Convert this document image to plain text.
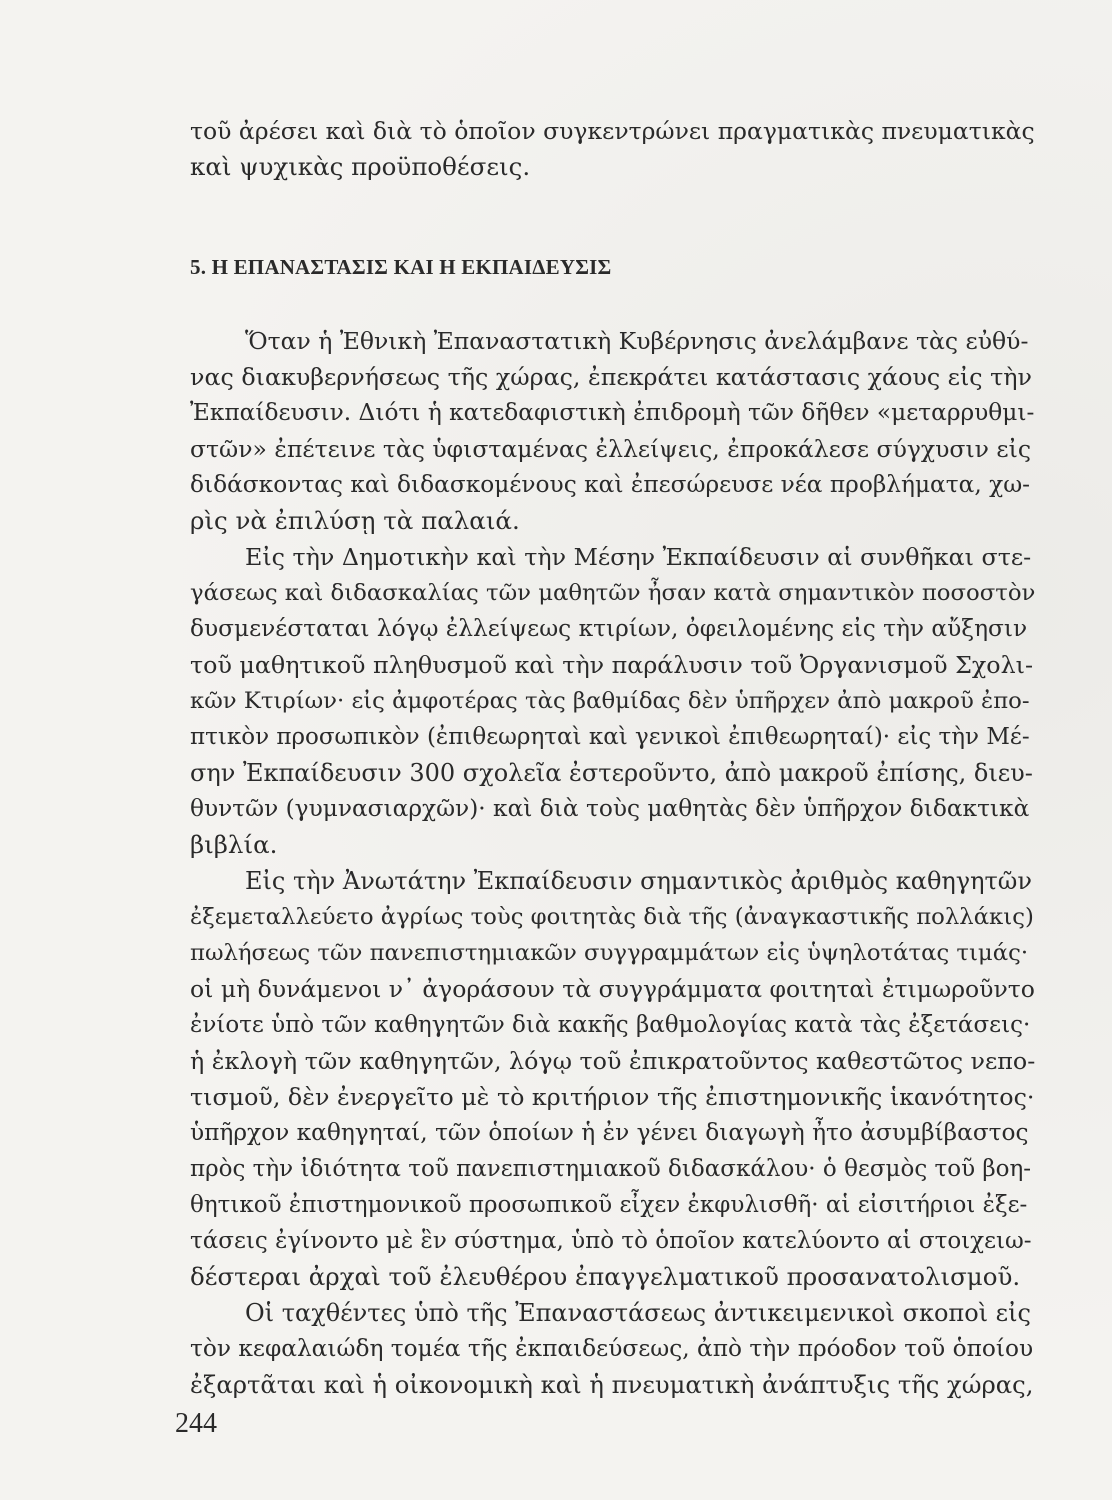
τοῦ ἀρέσει καὶ διὰ τὸ ὁποῖον συγκεντρώνει πραγματικὰς πνευματικὰς
καὶ ψυχικὰς προϋποθέσεις.
5. Η ΕΠΑΝΑΣΤΑΣΙΣ ΚΑΙ Η ΕΚΠΑΙΔΕΥΣΙΣ
Ὅταν ἡ Ἐθνικὴ Ἐπαναστατικὴ Κυβέρνησις ἀνελάμβανε τὰς εὐθύ-
νας διακυβερνήσεως τῆς χώρας, ἐπεκράτει κατάστασις χάους εἰς τὴν
Ἐκπαίδευσιν. Διότι ἡ κατεδαφιστικὴ ἐπιδρομὴ τῶν δῆθεν «μεταρρυθμι-
στῶν» ἐπέτεινε τὰς ὑφισταμένας ἐλλείψεις, ἐπροκάλεσε σύγχυσιν εἰς
διδάσκοντας καὶ διδασκομένους καὶ ἐπεσώρευσε νέα προβλήματα, χω-
ρὶς νὰ ἐπιλύσῃ τὰ παλαιά.
Εἰς τὴν Δημοτικὴν καὶ τὴν Μέσην Ἐκπαίδευσιν αἱ συνθῆκαι στε-
γάσεως καὶ διδασκαλίας τῶν μαθητῶν ἦσαν κατὰ σημαντικὸν ποσοστὸν
δυσμενέσταται λόγῳ ἐλλείψεως κτιρίων, ὀφειλομένης εἰς τὴν αὔξησιν
τοῦ μαθητικοῦ πληθυσμοῦ καὶ τὴν παράλυσιν τοῦ Ὀργανισμοῦ Σχολι-
κῶν Κτιρίων· εἰς ἀμφοτέρας τὰς βαθμίδας δὲν ὑπῆρχεν ἀπὸ μακροῦ ἐπο-
πτικὸν προσωπικὸν (ἐπιθεωρηταὶ καὶ γενικοὶ ἐπιθεωρηταί)· εἰς τὴν Μέ-
σην Ἐκπαίδευσιν 300 σχολεῖα ἐστεροῦντο, ἀπὸ μακροῦ ἐπίσης, διευ-
θυντῶν (γυμνασιαρχῶν)· καὶ διὰ τοὺς μαθητὰς δὲν ὑπῆρχον διδακτικὰ
βιβλία.
Εἰς τὴν Ἀνωτάτην Ἐκπαίδευσιν σημαντικὸς ἀριθμὸς καθηγητῶν
ἐξεμεταλλεύετο ἀγρίως τοὺς φοιτητὰς διὰ τῆς (ἀναγκαστικῆς πολλάκις)
πωλήσεως τῶν πανεπιστημιακῶν συγγραμμάτων εἰς ὑψηλοτάτας τιμάς·
οἱ μὴ δυνάμενοι ν᾽ ἀγοράσουν τὰ συγγράμματα φοιτηταὶ ἐτιμωροῦντο
ἐνίοτε ὑπὸ τῶν καθηγητῶν διὰ κακῆς βαθμολογίας κατὰ τὰς ἐξετάσεις·
ἡ ἐκλογὴ τῶν καθηγητῶν, λόγῳ τοῦ ἐπικρατοῦντος καθεστῶτος νεπο-
τισμοῦ, δὲν ἐνεργεῖτο μὲ τὸ κριτήριον τῆς ἐπιστημονικῆς ἱκανότητος·
ὑπῆρχον καθηγηταί, τῶν ὁποίων ἡ ἐν γένει διαγωγὴ ἦτο ἀσυμβίβαστος
πρὸς τὴν ἰδιότητα τοῦ πανεπιστημιακοῦ διδασκάλου· ὁ θεσμὸς τοῦ βοη-
θητικοῦ ἐπιστημονικοῦ προσωπικοῦ εἶχεν ἐκφυλισθῆ· αἱ εἰσιτήριοι ἐξε-
τάσεις ἐγίνοντο μὲ ἓν σύστημα, ὑπὸ τὸ ὁποῖον κατελύοντο αἱ στοιχειω-
δέστεραι ἀρχαὶ τοῦ ἐλευθέρου ἐπαγγελματικοῦ προσανατολισμοῦ.
Οἱ ταχθέντες ὑπὸ τῆς Ἐπαναστάσεως ἀντικειμενικοὶ σκοποὶ εἰς
τὸν κεφαλαιώδη τομέα τῆς ἐκπαιδεύσεως, ἀπὸ τὴν πρόοδον τοῦ ὁποίου
ἐξαρτᾶται καὶ ἡ οἰκονομικὴ καὶ ἡ πνευματικὴ ἀνάπτυξις τῆς χώρας,
244
